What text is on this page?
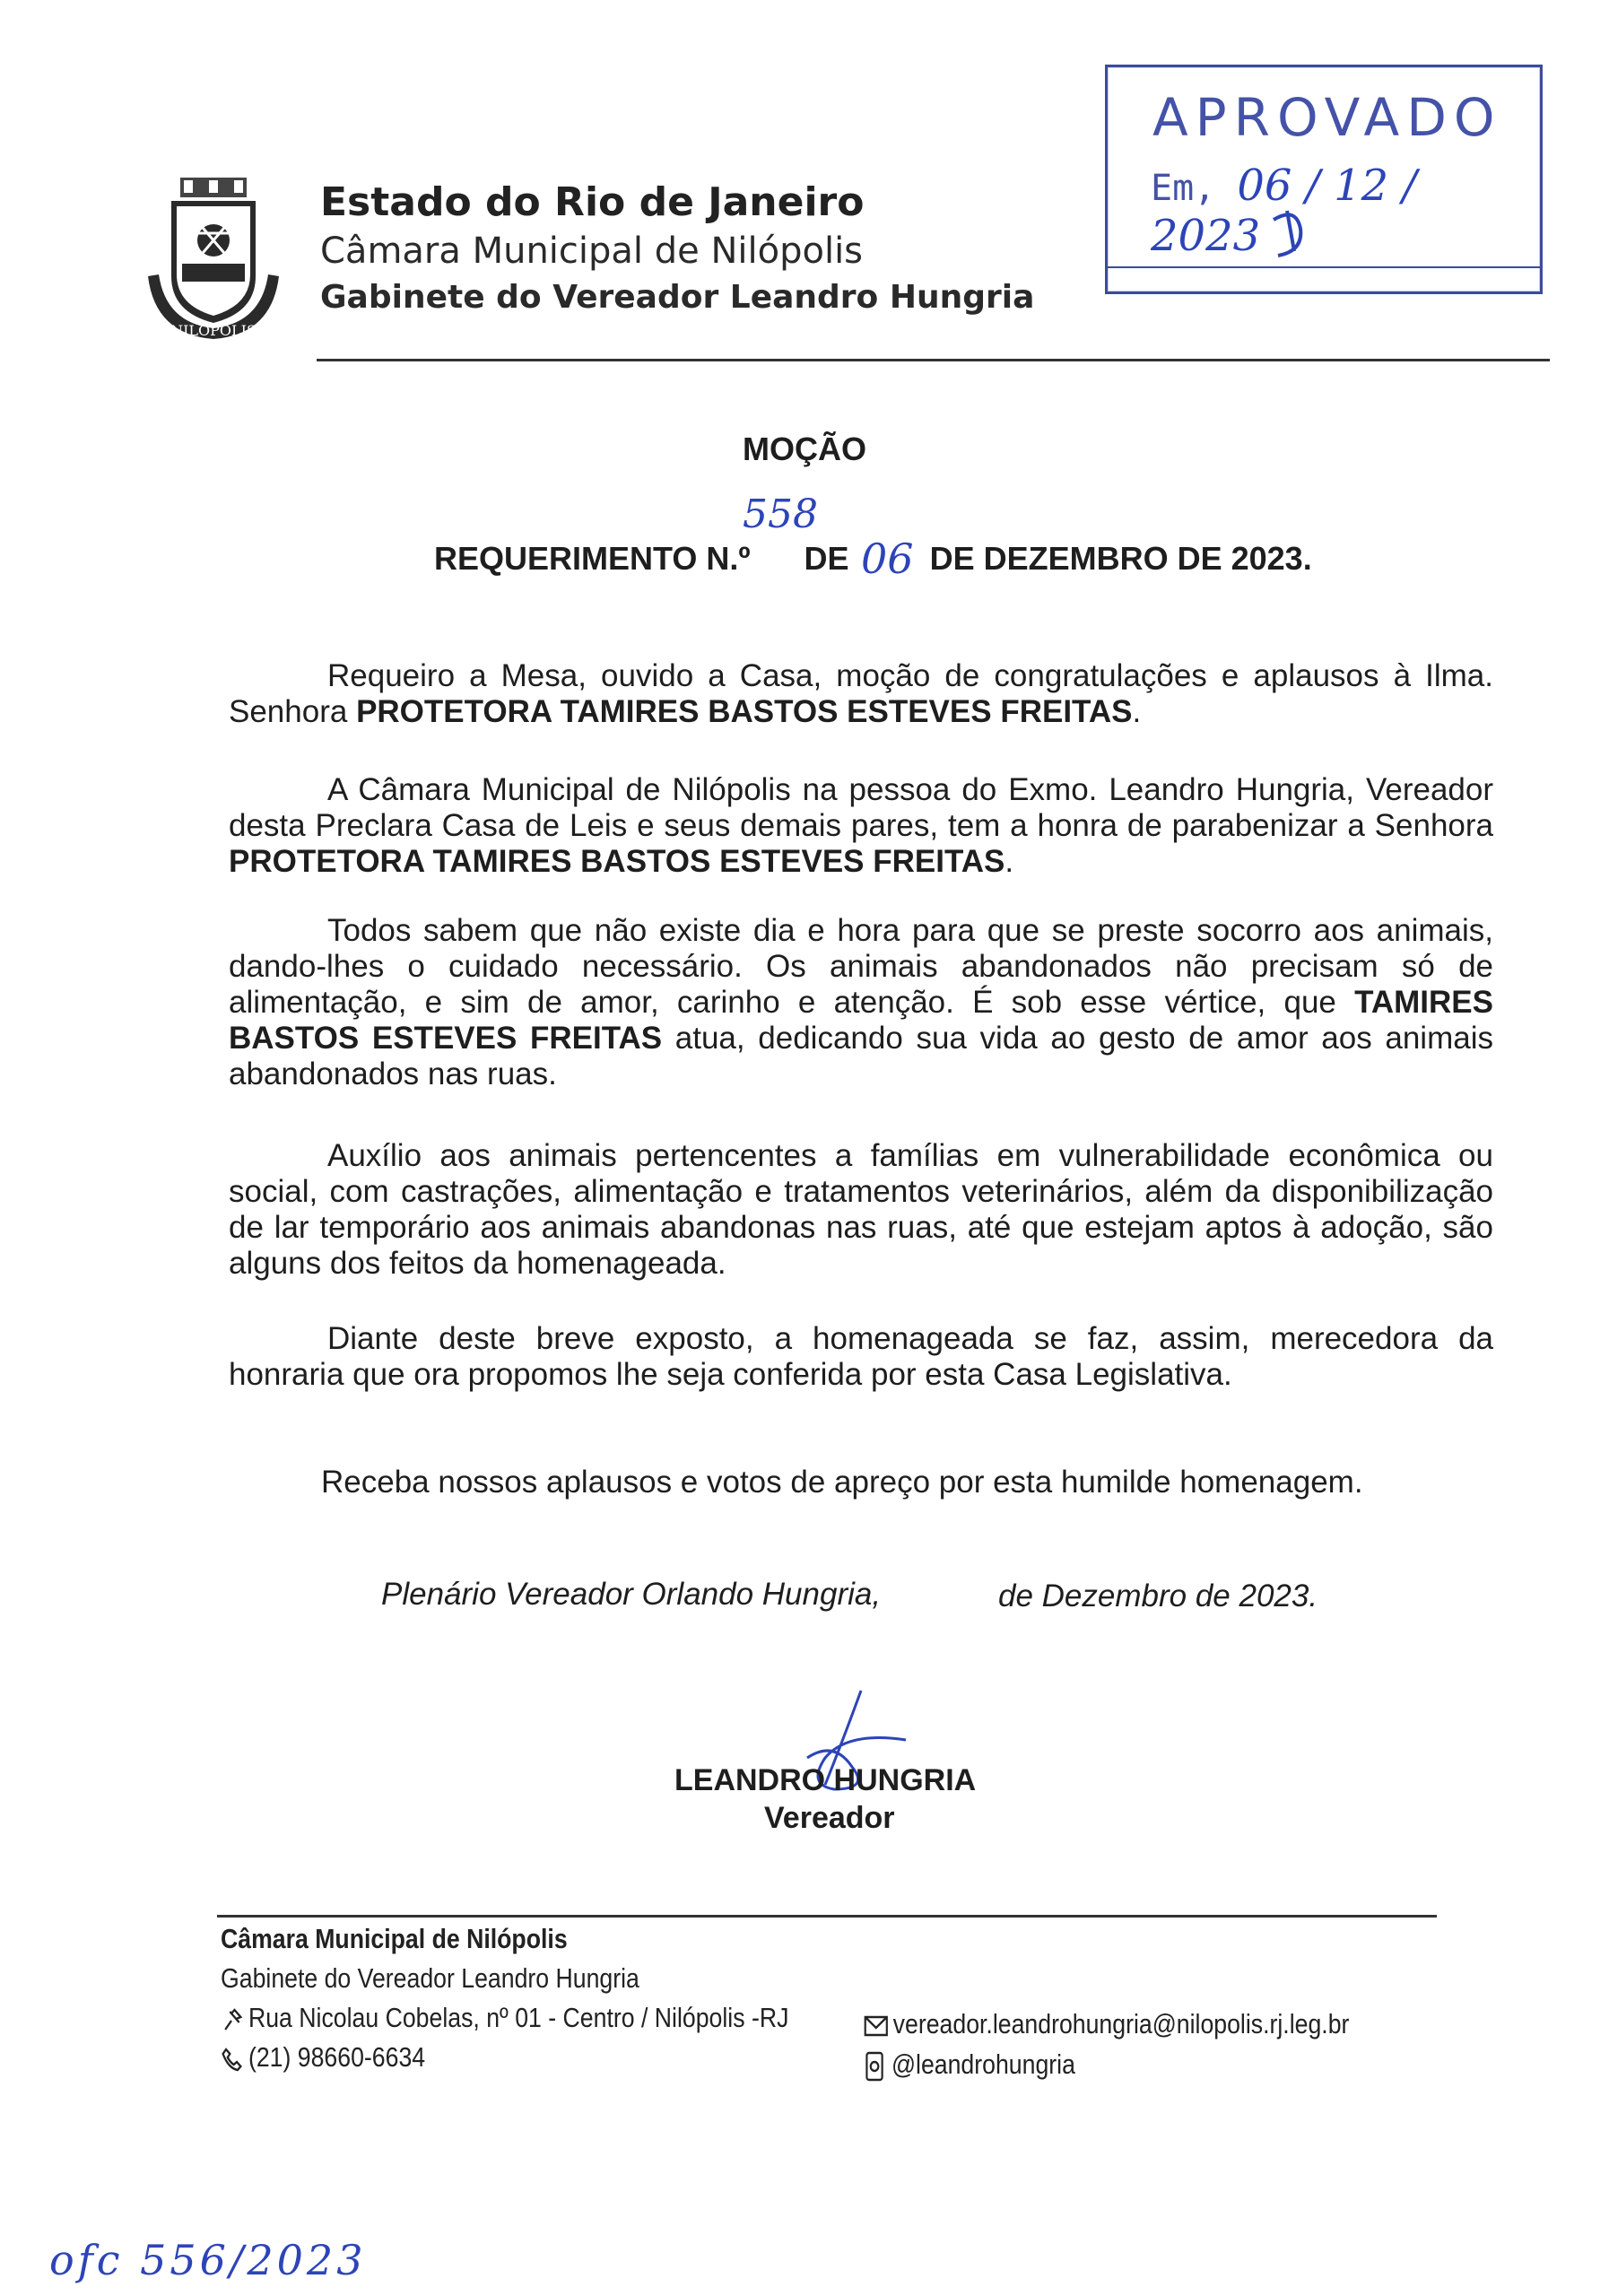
APROVADO
Em, 06 / 12 / 2023
NILOPOLIS
Estado do Rio de Janeiro
Câmara Municipal de Nilópolis
Gabinete do Vereador Leandro Hungria
MOÇÃO
558
REQUERIMENTO N.º DE	DE DEZEMBRO DE 2023.
06
Requeiro a Mesa, ouvido a Casa, moção de congratulações e aplausos à Ilma. Senhora PROTETORA TAMIRES BASTOS ESTEVES FREITAS.
A Câmara Municipal de Nilópolis na pessoa do Exmo. Leandro Hungria, Vereador desta Preclara Casa de Leis e seus demais pares, tem a honra de parabenizar a Senhora PROTETORA TAMIRES BASTOS ESTEVES FREITAS.
Todos sabem que não existe dia e hora para que se preste socorro aos animais, dando-lhes o cuidado necessário. Os animais abandonados não precisam só de alimentação, e sim de amor, carinho e atenção. É sob esse vértice, que TAMIRES BASTOS ESTEVES FREITAS atua, dedicando sua vida ao gesto de amor aos animais abandonados nas ruas.
Auxílio aos animais pertencentes a famílias em vulnerabilidade econômica ou social, com castrações, alimentação e tratamentos veterinários, além da disponibilização de lar temporário aos animais abandonas nas ruas, até que estejam aptos à adoção, são alguns dos feitos da homenageada.
Diante deste breve exposto, a homenageada se faz, assim, merecedora da honraria que ora propomos lhe seja conferida por esta Casa Legislativa.
Receba nossos aplausos e votos de apreço por esta humilde homenagem.
Plenário Vereador Orlando Hungria,	de Dezembro de 2023.
LEANDRO HUNGRIA
Vereador
Câmara Municipal de Nilópolis
Gabinete do Vereador Leandro Hungria
Rua Nicolau Cobelas, nº 01 - Centro / Nilópolis -RJ
(21) 98660-6634
vereador.leandrohungria@nilopolis.rj.leg.br
@leandrohungria
ofc 556/2023
